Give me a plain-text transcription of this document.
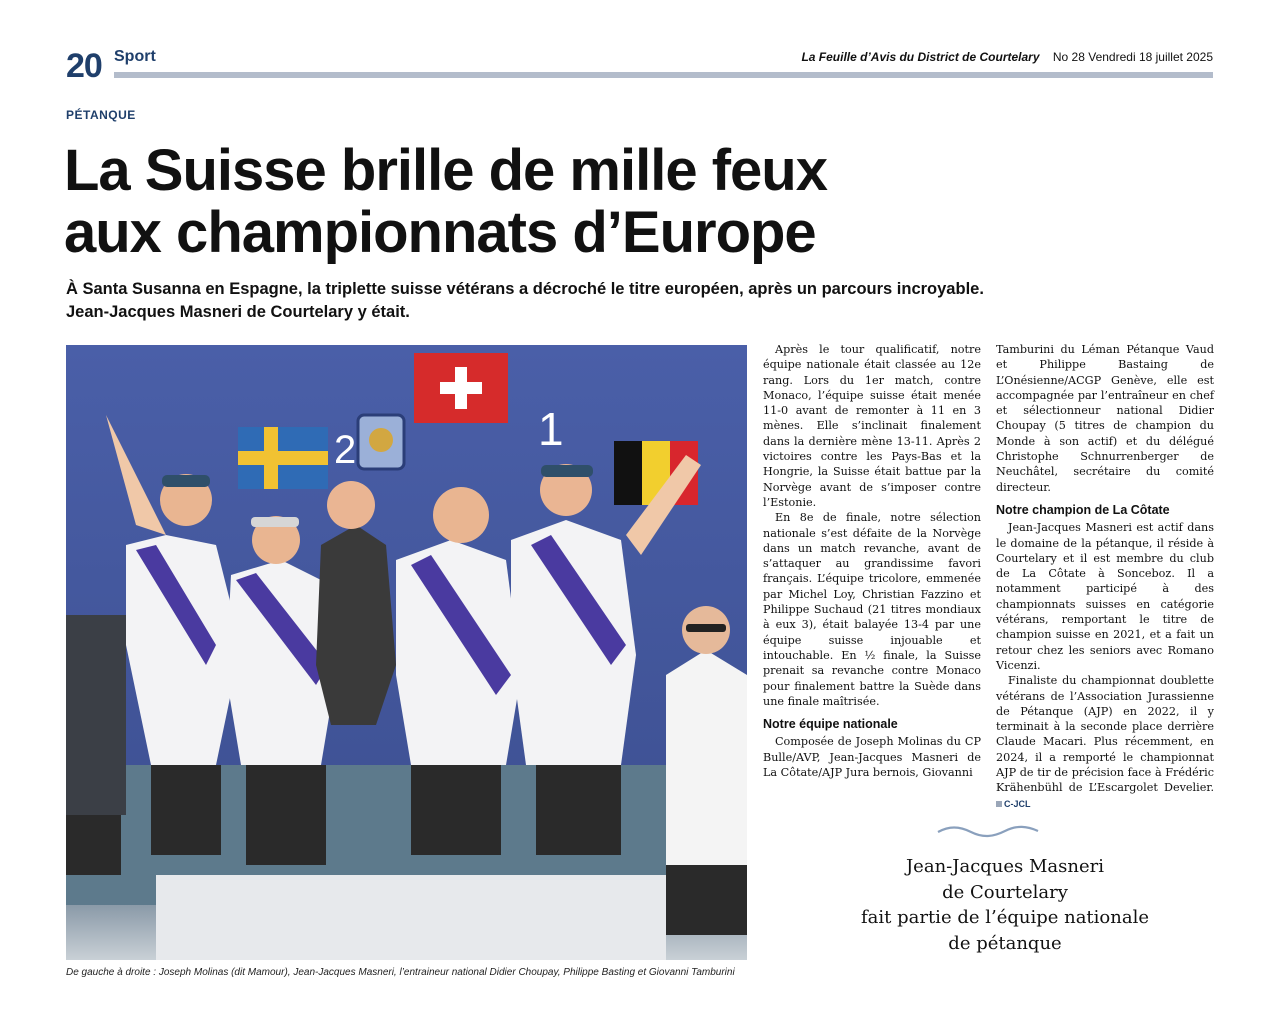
20 Sport	La Feuille d’Avis du District de Courtelary No 28 Vendredi 18 juillet 2025
PÉTANQUE
La Suisse brille de mille feux
aux championnats d’Europe
À Santa Susanna en Espagne, la triplette suisse vétérans a décroché le titre européen, après un parcours incroyable.
Jean-Jacques Masneri de Courtelary y était.
2	1
De gauche à droite : Joseph Molinas (dit Mamour), Jean-Jacques Masneri, l’entraineur national Didier Choupay, Philippe Basting et Giovanni Tamburini

Après le tour qualificatif, notre équipe nationale était classée au 12e rang. Lors du 1er match, contre Monaco, l’équipe suisse était menée 11-0 avant de remonter à 11 en 3 mènes. Elle s’inclinait finalement dans la dernière mène 13-11. Après 2 victoires contre les Pays-Bas et la Hongrie, la Suisse était battue par la Norvège avant de s’imposer contre l’Estonie.

En 8e de finale, notre sélection nationale s’est défaite de la Norvège dans un match revanche, avant de s’attaquer au grandissime favori français. L’équipe tricolore, emmenée par Michel Loy, Christian Fazzino et Philippe Suchaud (21 titres mondiaux à eux 3), était balayée 13-4 par une équipe suisse injouable et intouchable. En ½ finale, la Suisse prenait sa revanche contre Monaco pour finalement battre la Suède dans une finale maîtrisée.

Notre équipe nationale

Composée de Joseph Molinas du CP Bulle/AVP, Jean-Jacques Masneri de La Côtate/AJP Jura bernois, Giovanni

Tamburini du Léman Pétanque Vaud et Philippe Bastaing de L’Onésienne/ACGP Genève, elle est accompagnée par l’entraîneur en chef et sélectionneur national Didier Choupay (5 titres de champion du Monde à son actif) et du délégué Christophe Schnurrenberger de Neuchâtel, secrétaire du comité directeur.

Notre champion de La Côtate

Jean-Jacques Masneri est actif dans le domaine de la pétanque, il réside à Courtelary et il est membre du club de La Côtate à Sonceboz. Il a notamment participé à des championnats suisses en catégorie vétérans, remportant le titre de champion suisse en 2021, et a fait un retour chez les seniors avec Romano Vicenzi.

Finaliste du championnat doublette vétérans de l’Association Jurassienne de Pétanque (AJP) en 2022, il y terminait à la seconde place derrière Claude Macari. Plus récemment, en 2024, il a remporté le championnat AJP de tir de précision face à Frédéric Krähenbühl de L’Escargolet Develier. C-JCL

Jean-Jacques Masneri
de Courtelary
fait partie de l’équipe nationale
de pétanque
